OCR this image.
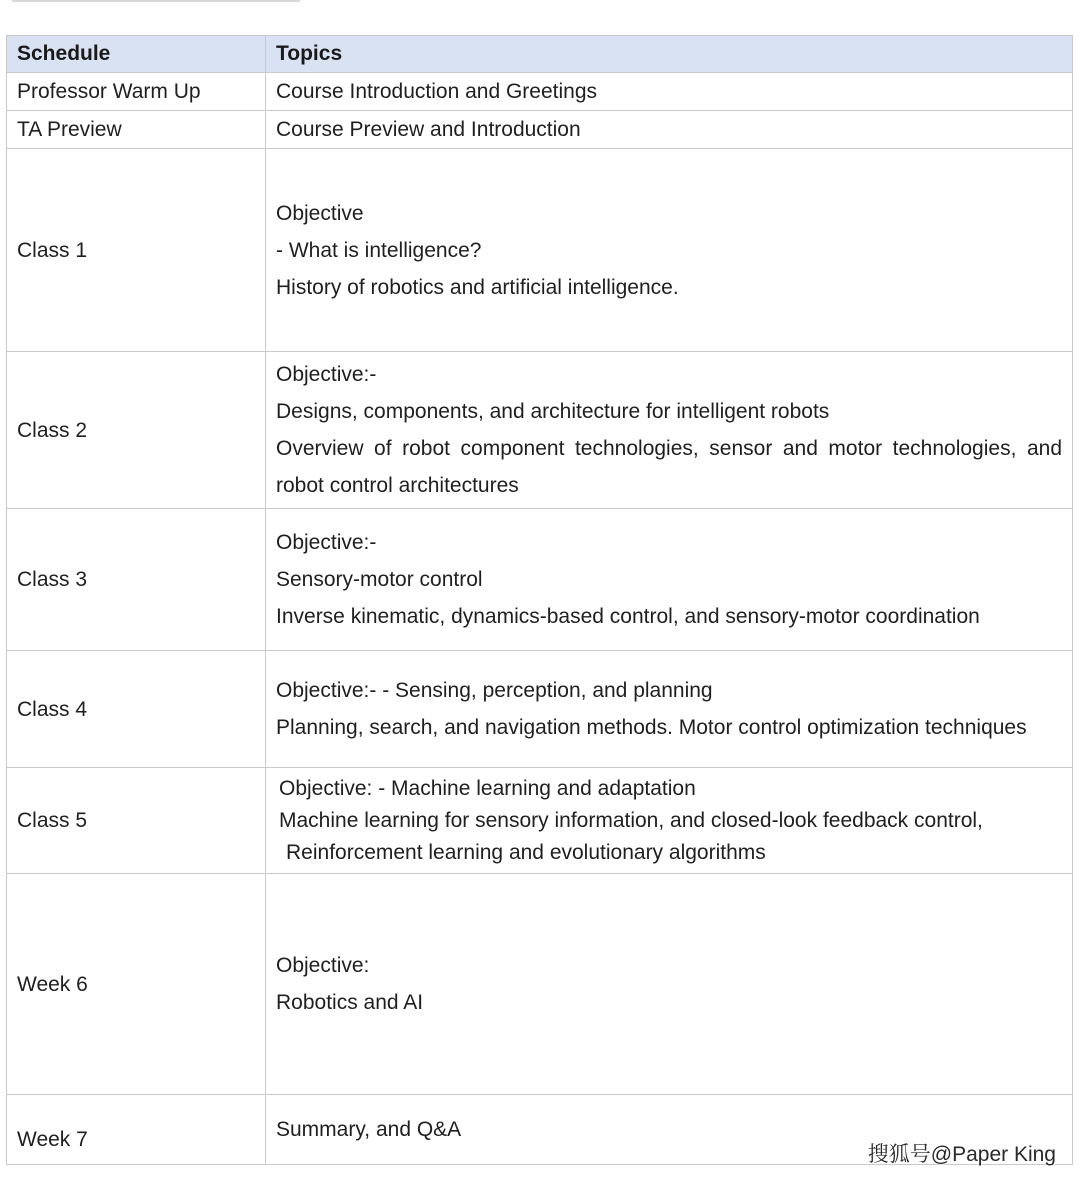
Schedule	Topics
Professor Warm Up	Course Introduction and Greetings

TA Preview	Course Preview and Introduction

Class 1	Objective
- What is intelligence?
History of robotics and artificial intelligence.

Class 2	Objective:-
Designs, components, and architecture for intelligent robots
Overview of robot component technologies, sensor and motor technologies, and robot control architectures

Class 3	Objective:-
Sensory-motor control
Inverse kinematic, dynamics-based control, and sensory-motor coordination

Class 4	Objective:- - Sensing, perception, and planning
Planning, search, and navigation methods. Motor control optimization techniques

Class 5	Objective: - Machine learning and adaptation
Machine learning for sensory information, and closed-look feedback control,
Reinforcement learning and evolutionary algorithms

Week 6	Objective:
Robotics and AI

Week 7	Summary, and Q&A
搜狐号@Paper King
